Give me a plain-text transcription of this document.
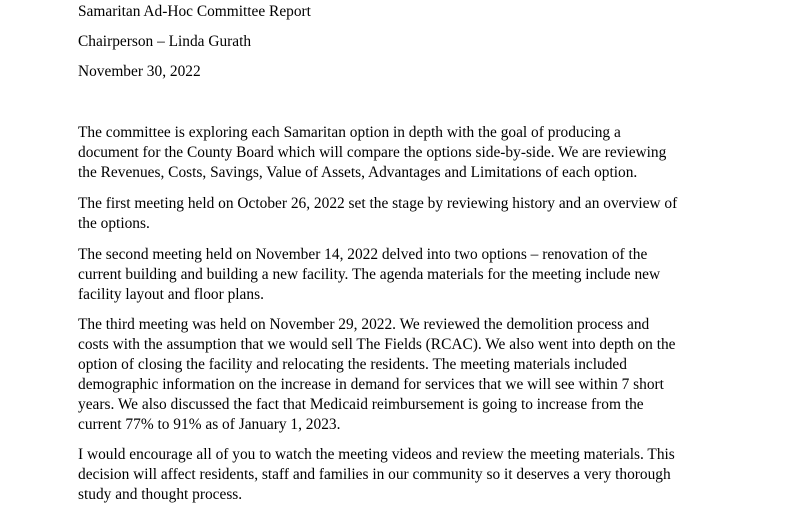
Samaritan Ad-Hoc Committee Report
Chairperson – Linda Gurath
November 30, 2022

The committee is exploring each Samaritan option in depth with the goal of producing a
document for the County Board which will compare the options side-by-side. We are reviewing
the Revenues, Costs, Savings, Value of Assets, Advantages and Limitations of each option.

The first meeting held on October 26, 2022 set the stage by reviewing history and an overview of
the options.

The second meeting held on November 14, 2022 delved into two options – renovation of the
current building and building a new facility. The agenda materials for the meeting include new
facility layout and floor plans.

The third meeting was held on November 29, 2022. We reviewed the demolition process and
costs with the assumption that we would sell The Fields (RCAC). We also went into depth on the
option of closing the facility and relocating the residents. The meeting materials included
demographic information on the increase in demand for services that we will see within 7 short
years. We also discussed the fact that Medicaid reimbursement is going to increase from the
current 77% to 91% as of January 1, 2023.

I would encourage all of you to watch the meeting videos and review the meeting materials. This
decision will affect residents, staff and families in our community so it deserves a very thorough
study and thought process.
